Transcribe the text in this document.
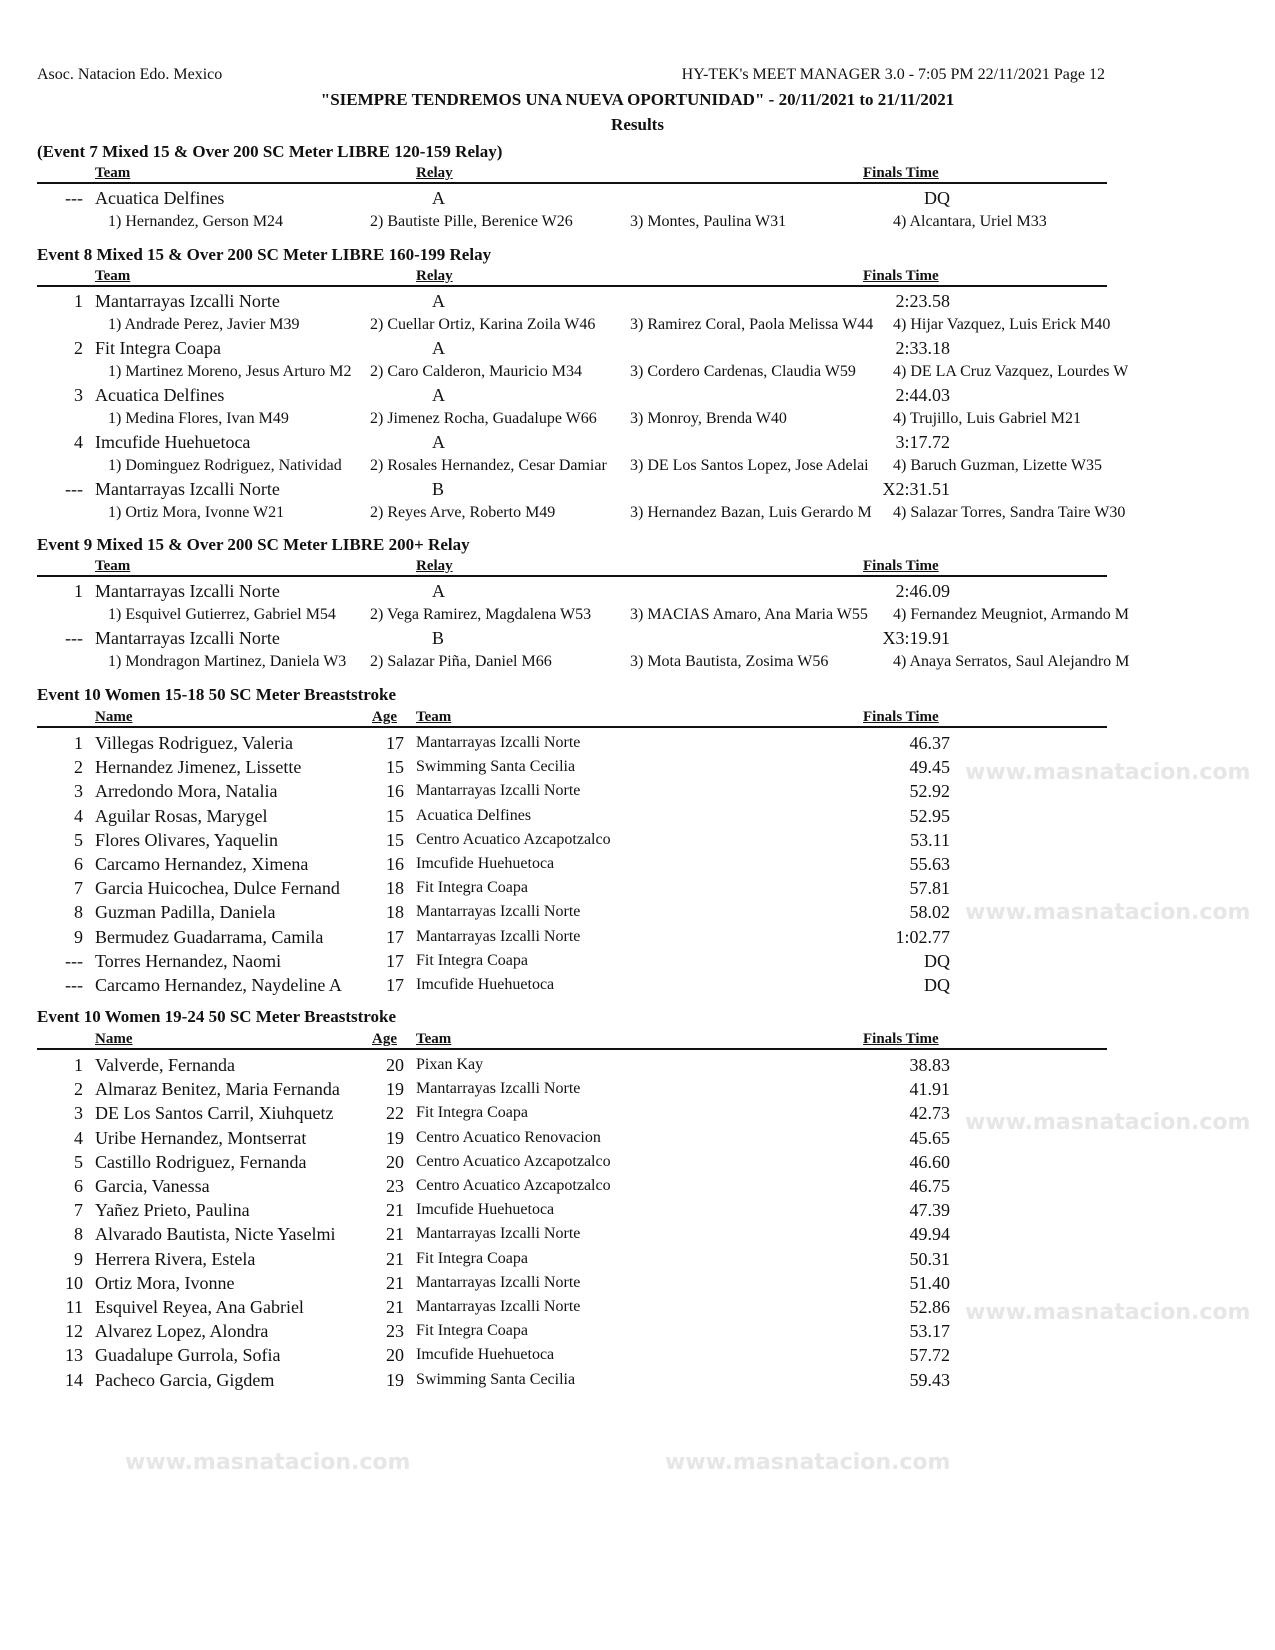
Asoc. Natacion Edo. Mexico	HY-TEK's MEET MANAGER 3.0 - 7:05 PM 22/11/2021 Page 12
"SIEMPRE TENDREMOS UNA NUEVA OPORTUNIDAD" - 20/11/2021 to 21/11/2021
Results
www.masnatacion.com
www.masnatacion.com
www.masnatacion.com
www.masnatacion.com
www.masnatacion.com	www.masnatacion.com
(Event 7 Mixed 15 & Over 200 SC Meter LIBRE 120-159 Relay)
Team	Relay	Finals Time
--- Acuatica Delfines	A	DQ
1) Hernandez, Gerson M24	2) Bautiste Pille, Berenice W26	3) Montes, Paulina W31	4) Alcantara, Uriel M33
Event 8 Mixed 15 & Over 200 SC Meter LIBRE 160-199 Relay
Team	Relay	Finals Time
1 Mantarrayas Izcalli Norte	A	2:23.58
1) Andrade Perez, Javier M39	2) Cuellar Ortiz, Karina Zoila W46 3) Ramirez Coral, Paola Melissa W44 4) Hijar Vazquez, Luis Erick M40
2 Fit Integra Coapa	A	2:33.18
1) Martinez Moreno, Jesus Arturo M2 2) Caro Calderon, Mauricio M34	3) Cordero Cardenas, Claudia W59 4) DE LA Cruz Vazquez, Lourdes W
3 Acuatica Delfines	A	2:44.03
1) Medina Flores, Ivan M49	2) Jimenez Rocha, Guadalupe W66 3) Monroy, Brenda W40	4) Trujillo, Luis Gabriel M21
4 Imcufide Huehuetoca	A	3:17.72
1) Dominguez Rodriguez, Natividad 2) Rosales Hernandez, Cesar Damiar 3) DE Los Santos Lopez, Jose Adelai 4) Baruch Guzman, Lizette W35
--- Mantarrayas Izcalli Norte	B	X2:31.51
1) Ortiz Mora, Ivonne W21	2) Reyes Arve, Roberto M49	3) Hernandez Bazan, Luis Gerardo M 4) Salazar Torres, Sandra Taire W30
Event 9 Mixed 15 & Over 200 SC Meter LIBRE 200+ Relay
Team	Relay	Finals Time
1 Mantarrayas Izcalli Norte	A	2:46.09
1) Esquivel Gutierrez, Gabriel M54 2) Vega Ramirez, Magdalena W53 3) MACIAS Amaro, Ana Maria W55 4) Fernandez Meugniot, Armando M
--- Mantarrayas Izcalli Norte	B	X3:19.91
1) Mondragon Martinez, Daniela W3 2) Salazar Piña, Daniel M66	3) Mota Bautista, Zosima W56	4) Anaya Serratos, Saul Alejandro M
Event 10 Women 15-18 50 SC Meter Breaststroke
Name	Age Team	Finals Time
1 Villegas Rodriguez, Valeria	17 Mantarrayas Izcalli Norte	46.37
2 Hernandez Jimenez, Lissette	15 Swimming Santa Cecilia	49.45
3 Arredondo Mora, Natalia	16 Mantarrayas Izcalli Norte	52.92
4 Aguilar Rosas, Marygel	15 Acuatica Delfines	52.95
5 Flores Olivares, Yaquelin	15 Centro Acuatico Azcapotzalco	53.11
6 Carcamo Hernandez, Ximena	16 Imcufide Huehuetoca	55.63
7 Garcia Huicochea, Dulce Fernand	18 Fit Integra Coapa	57.81
8 Guzman Padilla, Daniela	18 Mantarrayas Izcalli Norte	58.02
9 Bermudez Guadarrama, Camila	17 Mantarrayas Izcalli Norte	1:02.77
--- Torres Hernandez, Naomi	17 Fit Integra Coapa	DQ
--- Carcamo Hernandez, Naydeline A 17 Imcufide Huehuetoca	DQ
Event 10 Women 19-24 50 SC Meter Breaststroke
Name	Age Team	Finals Time
1 Valverde, Fernanda	20 Pixan Kay	38.83
2 Almaraz Benitez, Maria Fernanda	19 Mantarrayas Izcalli Norte	41.91
3 DE Los Santos Carril, Xiuhquetz	22 Fit Integra Coapa	42.73
4 Uribe Hernandez, Montserrat	19 Centro Acuatico Renovacion	45.65
5 Castillo Rodriguez, Fernanda	20 Centro Acuatico Azcapotzalco	46.60
6 Garcia, Vanessa	23 Centro Acuatico Azcapotzalco	46.75
7 Yañez Prieto, Paulina	21 Imcufide Huehuetoca	47.39
8 Alvarado Bautista, Nicte Yaselmi	21 Mantarrayas Izcalli Norte	49.94
9 Herrera Rivera, Estela	21 Fit Integra Coapa	50.31
10 Ortiz Mora, Ivonne	21 Mantarrayas Izcalli Norte	51.40
11 Esquivel Reyea, Ana Gabriel	21 Mantarrayas Izcalli Norte	52.86
12 Alvarez Lopez, Alondra	23 Fit Integra Coapa	53.17
13 Guadalupe Gurrola, Sofia	20 Imcufide Huehuetoca	57.72
14 Pacheco Garcia, Gigdem	19 Swimming Santa Cecilia	59.43
